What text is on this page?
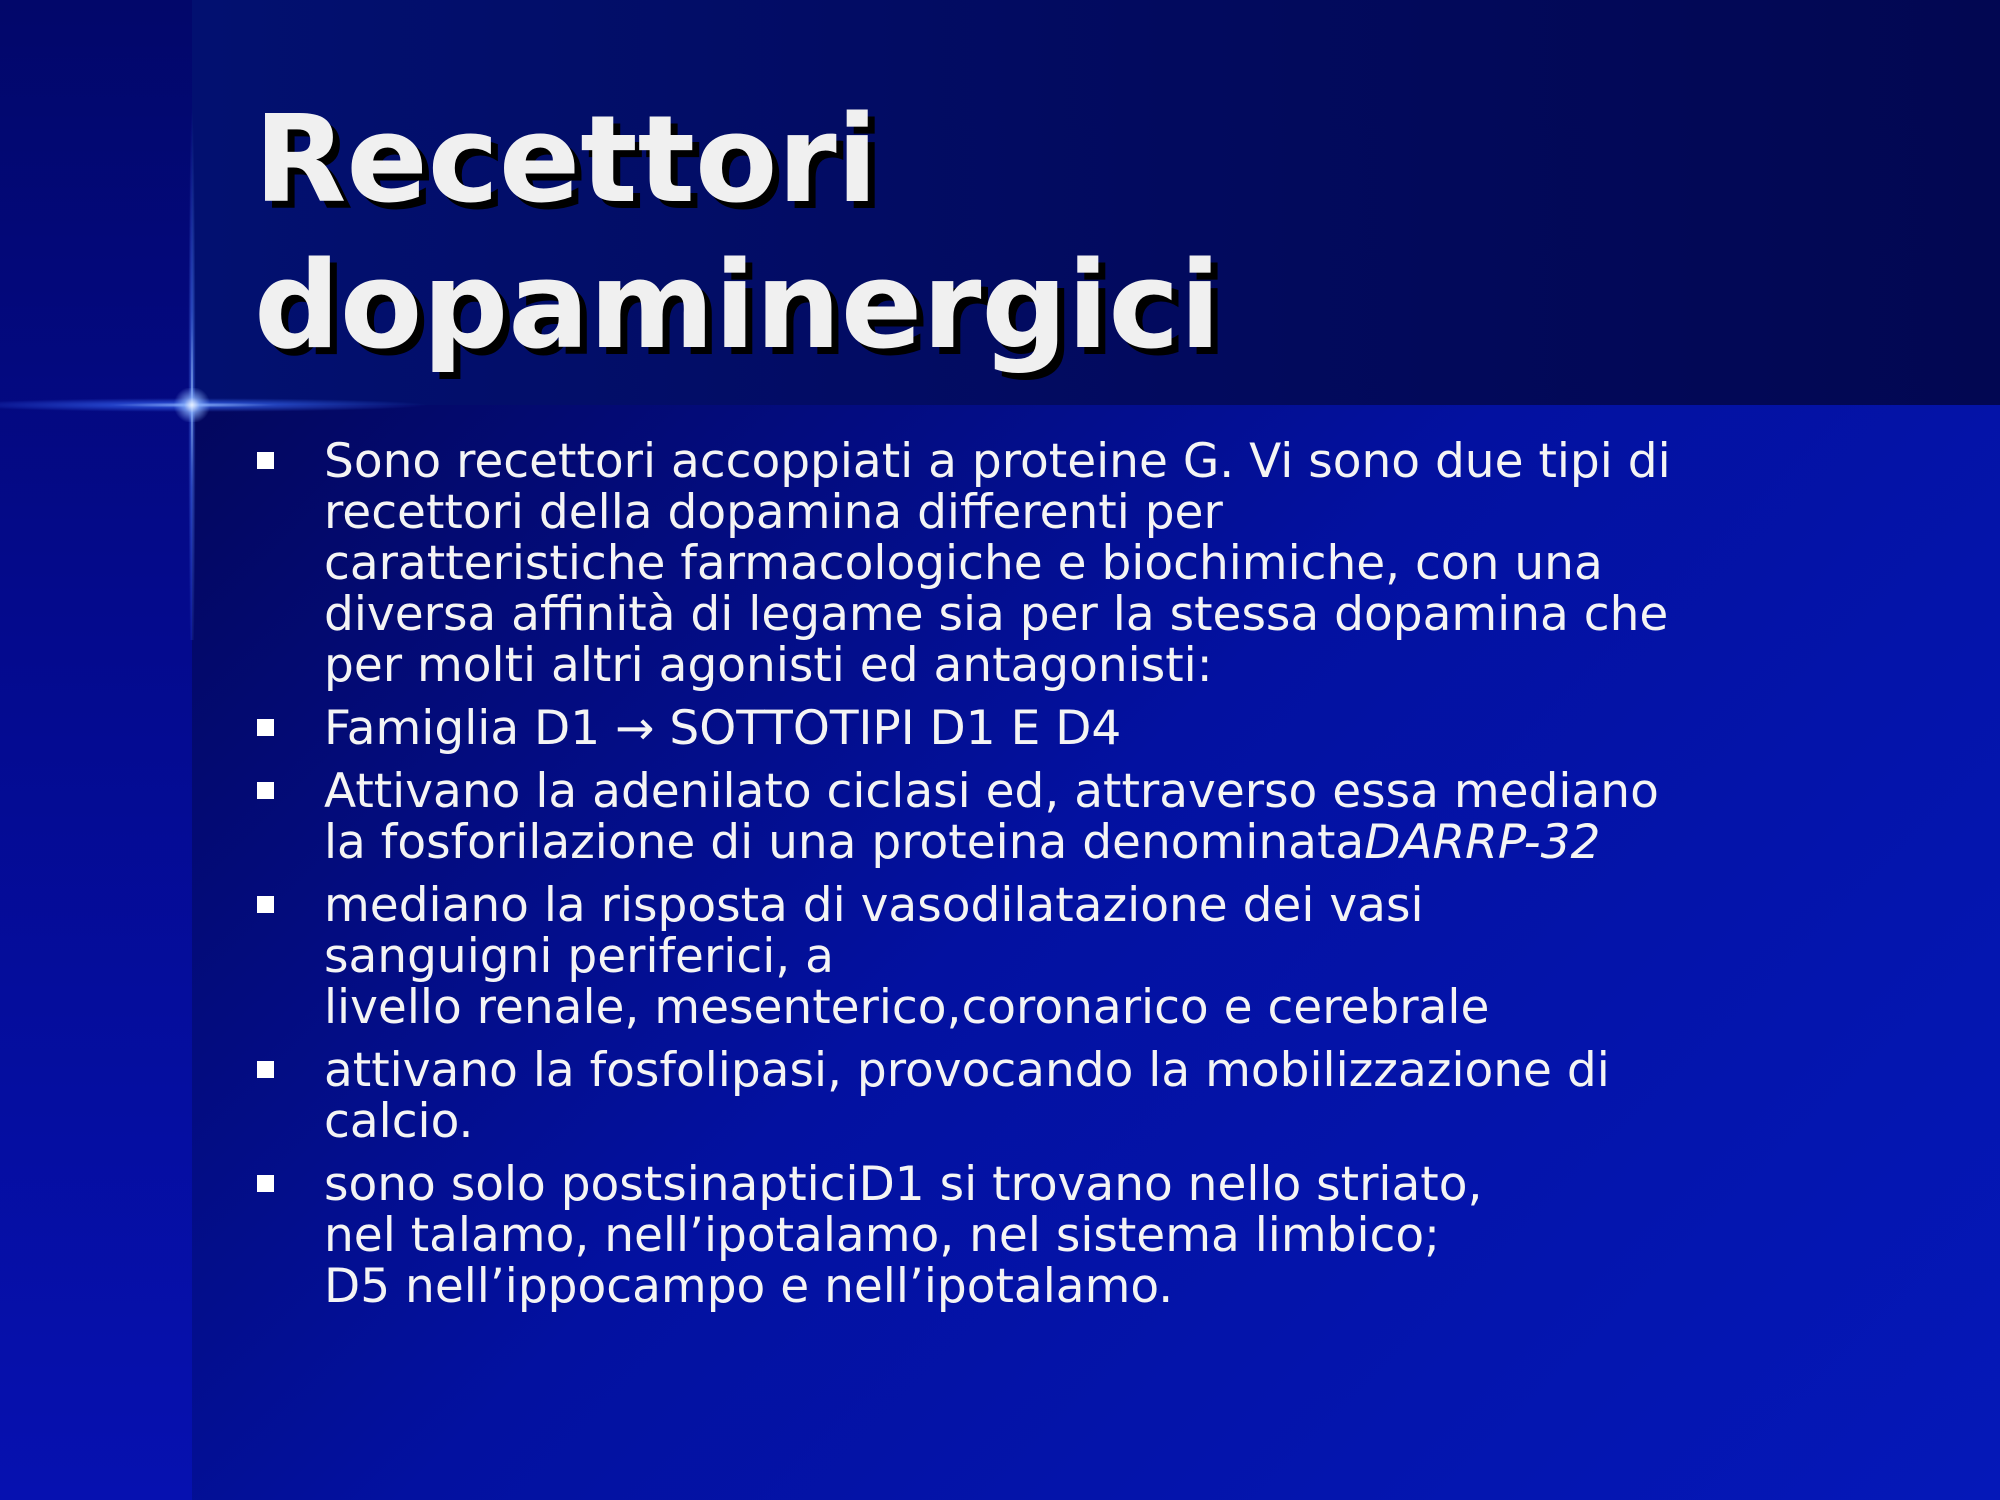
Recettori
dopaminergici
Sono recettori accoppiati a proteine G. Vi sono due tipi di
recettori della dopamina differenti per
caratteristiche farmacologiche e biochimiche, con una
diversa affinità di legame sia per la stessa dopamina che
per molti altri agonisti ed antagonisti:
Famiglia D1 → SOTTOTIPI D1 E D4
Attivano la adenilato ciclasi ed, attraverso essa mediano
la fosforilazione di una proteina denominataDARRP-32
mediano la risposta di vasodilatazione dei vasi
sanguigni periferici, a
livello renale, mesenterico,coronarico e cerebrale
attivano la fosfolipasi, provocando la mobilizzazione di
calcio.
sono solo postsinapticiD1 si trovano nello striato,
nel talamo, nell’ipotalamo, nel sistema limbico;
D5 nell’ippocampo e nell’ipotalamo.
